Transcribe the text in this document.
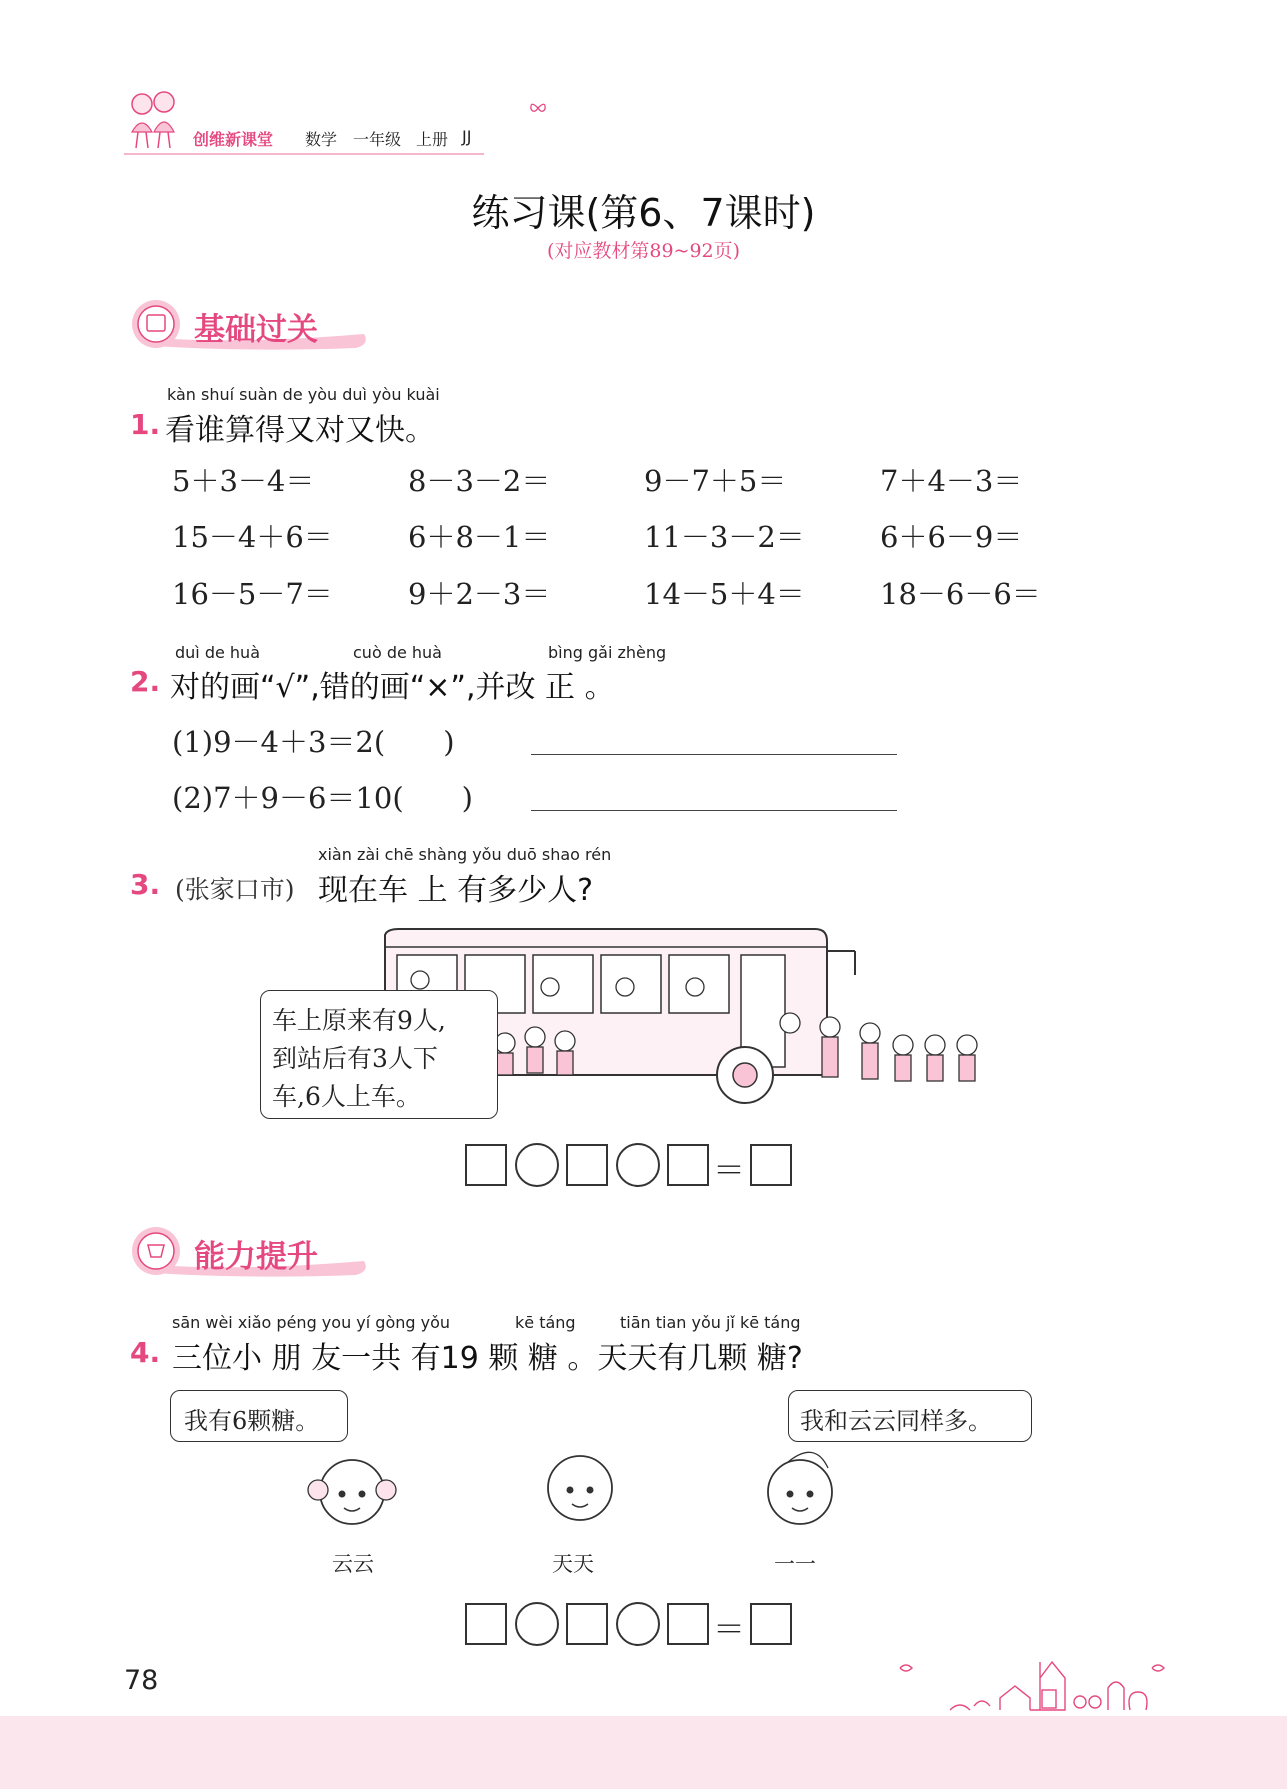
创维新课堂 数学 一年级 上册 JJ
练习课(第6、7课时)
(对应教材第89~92页)
基础过关
kàn shuí suàn de yòu duì yòu kuài
1. 看谁算得又对又快。
5＋3－4＝	8－3－2＝	9－7＋5＝	7＋4－3＝
15－4＋6＝	6＋8－1＝	11－3－2＝	6＋6－9＝
16－5－7＝	9＋2－3＝	14－5＋4＝	18－6－6＝
duì de huà	cuò de huà	bìng gǎi zhèng
2. 对的画“√”,错的画“×”,并改 正 。
(1)9－4＋3＝2(　　)
(2)7＋9－6＝10(　　)
xiàn zài chē shàng yǒu duō shao rén
3. (张家口市) 现在车 上 有多少人?
车上原来有9人,
到站后有3人下
车,6人上车。
＝
能力提升
sān wèi xiǎo péng you yí gòng yǒu	kē táng	tiān tian yǒu jǐ kē táng
4. 三位小 朋 友一共 有19 颗 糖 。天天有几颗 糖?
我有6颗糖。	我和云云同样多。
云云	天天	一一
＝
78
